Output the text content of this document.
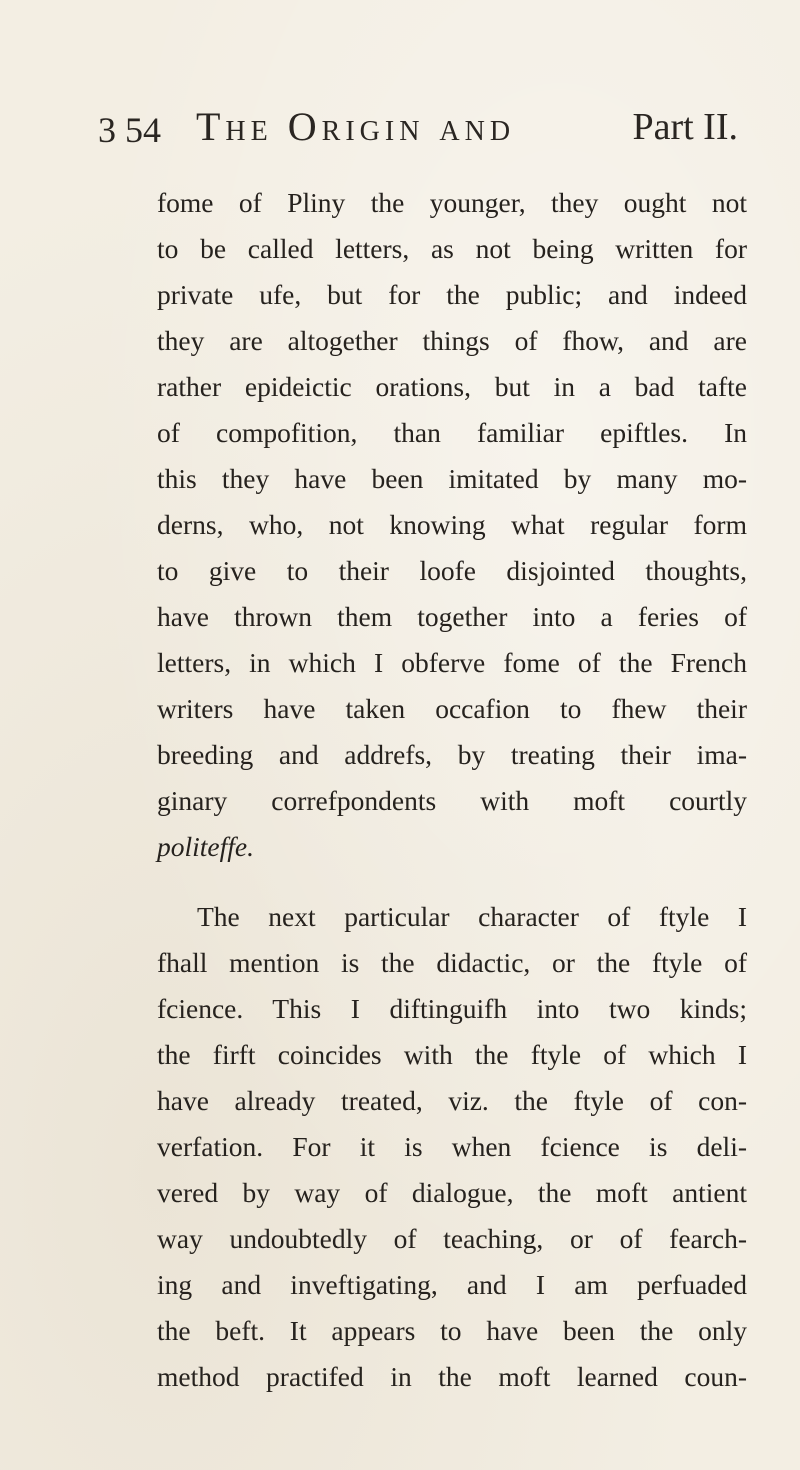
3 54 The Origin and	Part II.
fome of Pliny the younger, they ought not
to be called letters, as not being written for
private ufe, but for the public; and indeed
they are altogether things of fhow, and are
rather epideictic orations, but in a bad tafte
of compofition, than familiar epiftles. In
this they have been imitated by many mo-
derns, who, not knowing what regular form
to give to their loofe disjointed thoughts,
have thrown them together into a feries of
letters, in which I obferve fome of the French
writers have taken occafion to fhew their
breeding and addrefs, by treating their ima-
ginary correfpondents with moft courtly
politeffe.
The next particular character of ftyle I
fhall mention is the didactic, or the ftyle of
fcience. This I diftinguifh into two kinds;
the firft coincides with the ftyle of which I
have already treated, viz. the ftyle of con-
verfation. For it is when fcience is deli-
vered by way of dialogue, the moft antient
way undoubtedly of teaching, or of fearch-
ing and inveftigating, and I am perfuaded
the beft. It appears to have been the only
method practifed in the moft learned coun-
